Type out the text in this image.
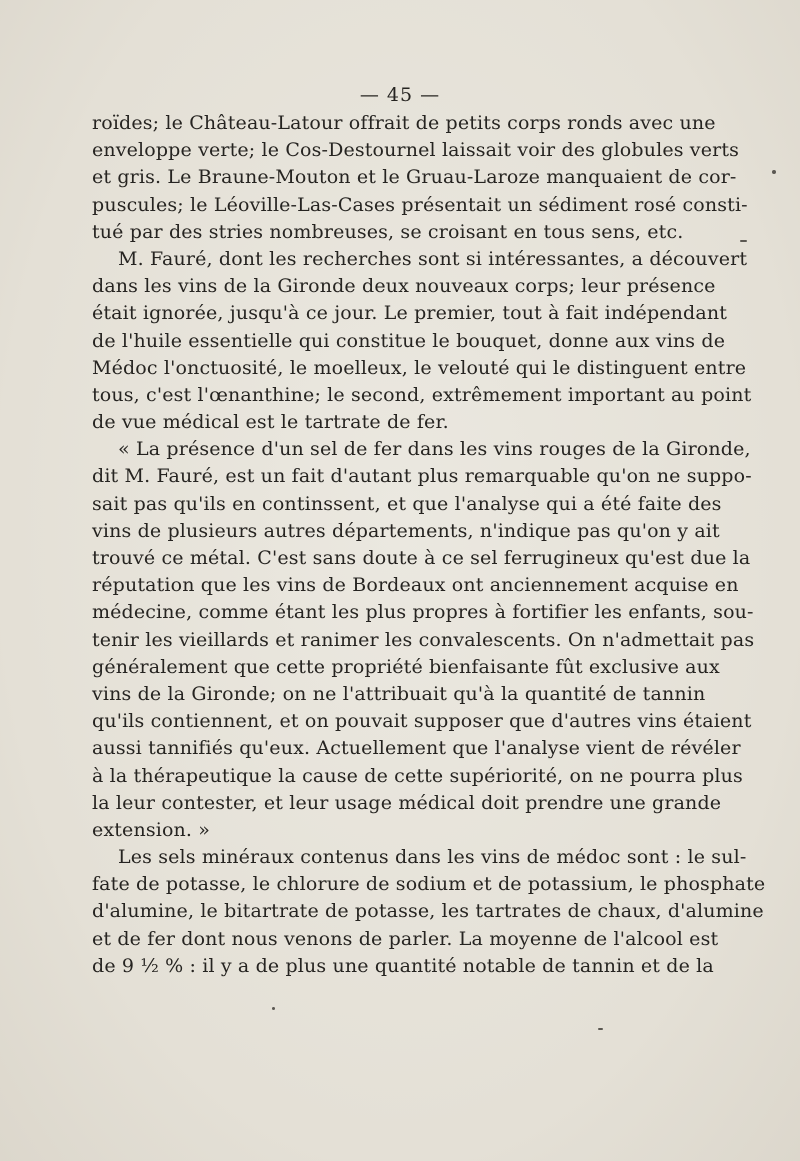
— 45 —
roïdes; le Château-Latour offrait de petits corps ronds avec une
enveloppe verte; le Cos-Destournel laissait voir des globules verts
et gris. Le Braune-Mouton et le Gruau-Laroze manquaient de cor-
puscules; le Léoville-Las-Cases présentait un sédiment rosé consti-
tué par des stries nombreuses, se croisant en tous sens, etc.
M. Fauré, dont les recherches sont si intéressantes, a découvert
dans les vins de la Gironde deux nouveaux corps; leur présence
était ignorée, jusqu'à ce jour. Le premier, tout à fait indépendant
de l'huile essentielle qui constitue le bouquet, donne aux vins de
Médoc l'onctuosité, le moelleux, le velouté qui le distinguent entre
tous, c'est l'œnanthine; le second, extrêmement important au point
de vue médical est le tartrate de fer.
« La présence d'un sel de fer dans les vins rouges de la Gironde,
dit M. Fauré, est un fait d'autant plus remarquable qu'on ne suppo-
sait pas qu'ils en continssent, et que l'analyse qui a été faite des
vins de plusieurs autres départements, n'indique pas qu'on y ait
trouvé ce métal. C'est sans doute à ce sel ferrugineux qu'est due la
réputation que les vins de Bordeaux ont anciennement acquise en
médecine, comme étant les plus propres à fortifier les enfants, sou-
tenir les vieillards et ranimer les convalescents. On n'admettait pas
généralement que cette propriété bienfaisante fût exclusive aux
vins de la Gironde; on ne l'attribuait qu'à la quantité de tannin
qu'ils contiennent, et on pouvait supposer que d'autres vins étaient
aussi tannifiés qu'eux. Actuellement que l'analyse vient de révéler
à la thérapeutique la cause de cette supériorité, on ne pourra plus
la leur contester, et leur usage médical doit prendre une grande
extension. »
Les sels minéraux contenus dans les vins de médoc sont : le sul-
fate de potasse, le chlorure de sodium et de potassium, le phosphate
d'alumine, le bitartrate de potasse, les tartrates de chaux, d'alumine
et de fer dont nous venons de parler. La moyenne de l'alcool est
de 9 ½ % : il y a de plus une quantité notable de tannin et de la
